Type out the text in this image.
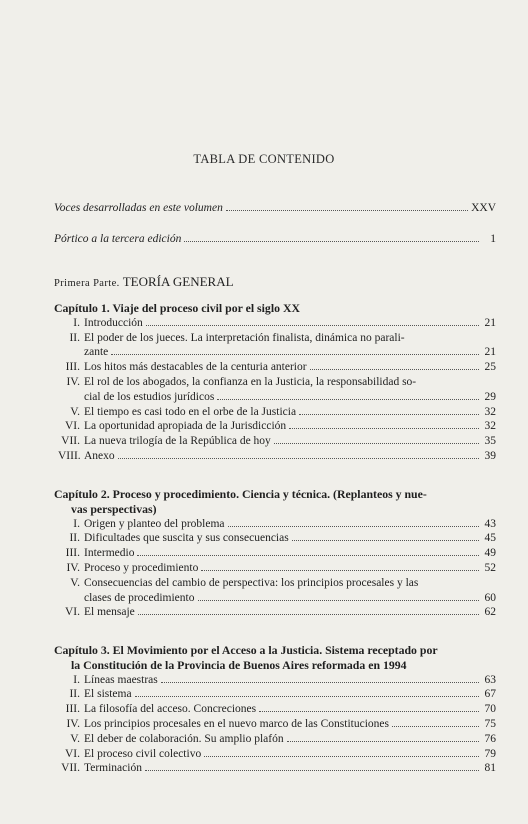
TABLA DE CONTENIDO
Voces desarrolladas en este volumen	XXV
Pórtico a la tercera edición	1
Primera Parte. TEORÍA GENERAL
Capítulo 1. Viaje del proceso civil por el siglo XX
I. Introducción	21
II. El poder de los jueces. La interpretación finalista, dinámica no parali-
zante	21
III. Los hitos más destacables de la centuria anterior	25
IV. El rol de los abogados, la confianza en la Justicia, la responsabilidad so-
cial de los estudios jurídicos	29
V. El tiempo es casi todo en el orbe de la Justicia	32
VI. La oportunidad apropiada de la Jurisdicción	32
VII. La nueva trilogía de la República de hoy	35
VIII. Anexo	39
Capítulo 2. Proceso y procedimiento. Ciencia y técnica. (Replanteos y nue-
vas perspectivas)
I. Origen y planteo del problema	43
II. Dificultades que suscita y sus consecuencias	45
III. Intermedio	49
IV. Proceso y procedimiento	52
V. Consecuencias del cambio de perspectiva: los principios procesales y las
clases de procedimiento	60
VI. El mensaje	62
Capítulo 3. El Movimiento por el Acceso a la Justicia. Sistema receptado por
la Constitución de la Provincia de Buenos Aires reformada en 1994
I. Líneas maestras	63
II. El sistema	67
III. La filosofía del acceso. Concreciones	70
IV. Los principios procesales en el nuevo marco de las Constituciones	75
V. El deber de colaboración. Su amplio plafón	76
VI. El proceso civil colectivo	79
VII. Terminación	81
